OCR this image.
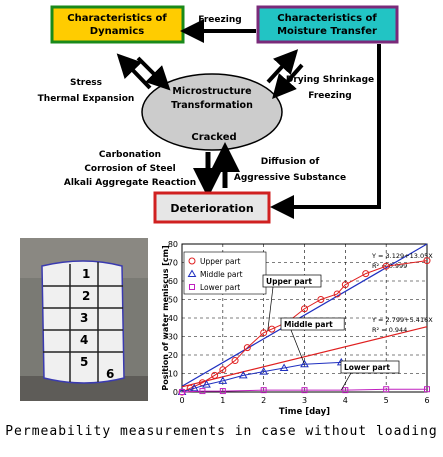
Characteristics of
Dynamics
Characteristics of
Moisture Transfer
Freezing
Microstructure
Transformation
Cracked
Stress
Thermal Expansion
Drying Shrinkage
Freezing
Carbonation
Corrosion of Steel
Alkali Aggregate Reaction
Diffusion of
Aggressive Substance
Deterioration
0
10
20
30
40
50
60
70
80
0	1	2	3	4	5	6
Time [day]
Position of water meniscus [cm]	Y = 3.129+13.05X
R² = 0.999
Y = 2.799+5.416X
R² = 0.944
Upper part
Middle part
Lower part
Upper part
Middle part
Lower part
1
2
3
4
5
6
Permeability measurements in case without loading
